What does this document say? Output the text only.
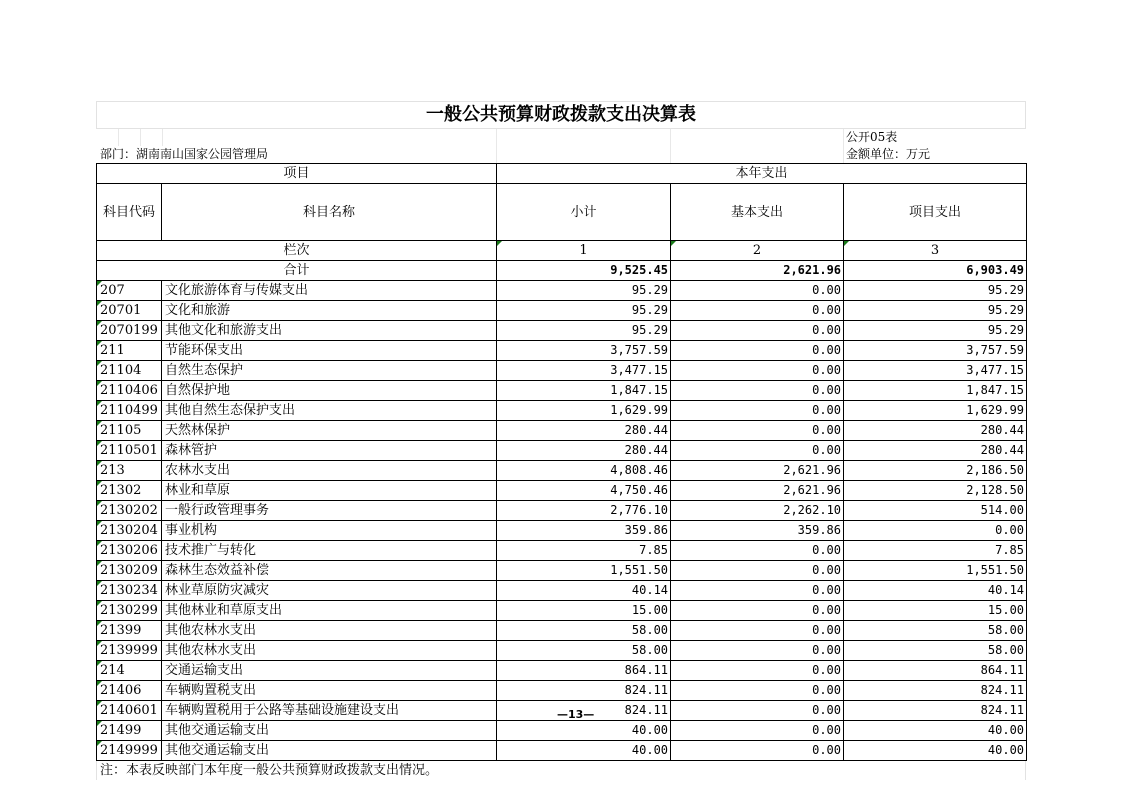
一般公共预算财政拨款支出决算表
公开05表
部门：湖南南山国家公园管理局	金额单位：万元
项目		本年支出		
科目代码	科目名称	小计	基本支出	项目支出
栏次		1	2	3
合计		9,525.45	2,621.96	6,903.49
207	文化旅游体育与传媒支出	95.29	0.00	95.29
20701	文化和旅游	95.29	0.00	95.29
2070199	其他文化和旅游支出	95.29	0.00	95.29
211	节能环保支出	3,757.59	0.00	3,757.59
21104	自然生态保护	3,477.15	0.00	3,477.15
2110406	自然保护地	1,847.15	0.00	1,847.15
2110499	其他自然生态保护支出	1,629.99	0.00	1,629.99
21105	天然林保护	280.44	0.00	280.44
2110501	森林管护	280.44	0.00	280.44
213	农林水支出	4,808.46	2,621.96	2,186.50
21302	林业和草原	4,750.46	2,621.96	2,128.50
2130202	一般行政管理事务	2,776.10	2,262.10	514.00
2130204	事业机构	359.86	359.86	0.00
2130206	技术推广与转化	7.85	0.00	7.85
2130209	森林生态效益补偿	1,551.50	0.00	1,551.50
2130234	林业草原防灾减灾	40.14	0.00	40.14
2130299	其他林业和草原支出	15.00	0.00	15.00
21399	其他农林水支出	58.00	0.00	58.00
2139999	其他农林水支出	58.00	0.00	58.00
214	交通运输支出	864.11	0.00	864.11
21406	车辆购置税支出	824.11	0.00	824.11
2140601	车辆购置税用于公路等基础设施建设支出	824.11	0.00	824.11
21499	其他交通运输支出	40.00	0.00	40.00
2149999	其他交通运输支出	40.00	0.00	40.00
注：本表反映部门本年度一般公共预算财政拨款支出情况。
—13—
